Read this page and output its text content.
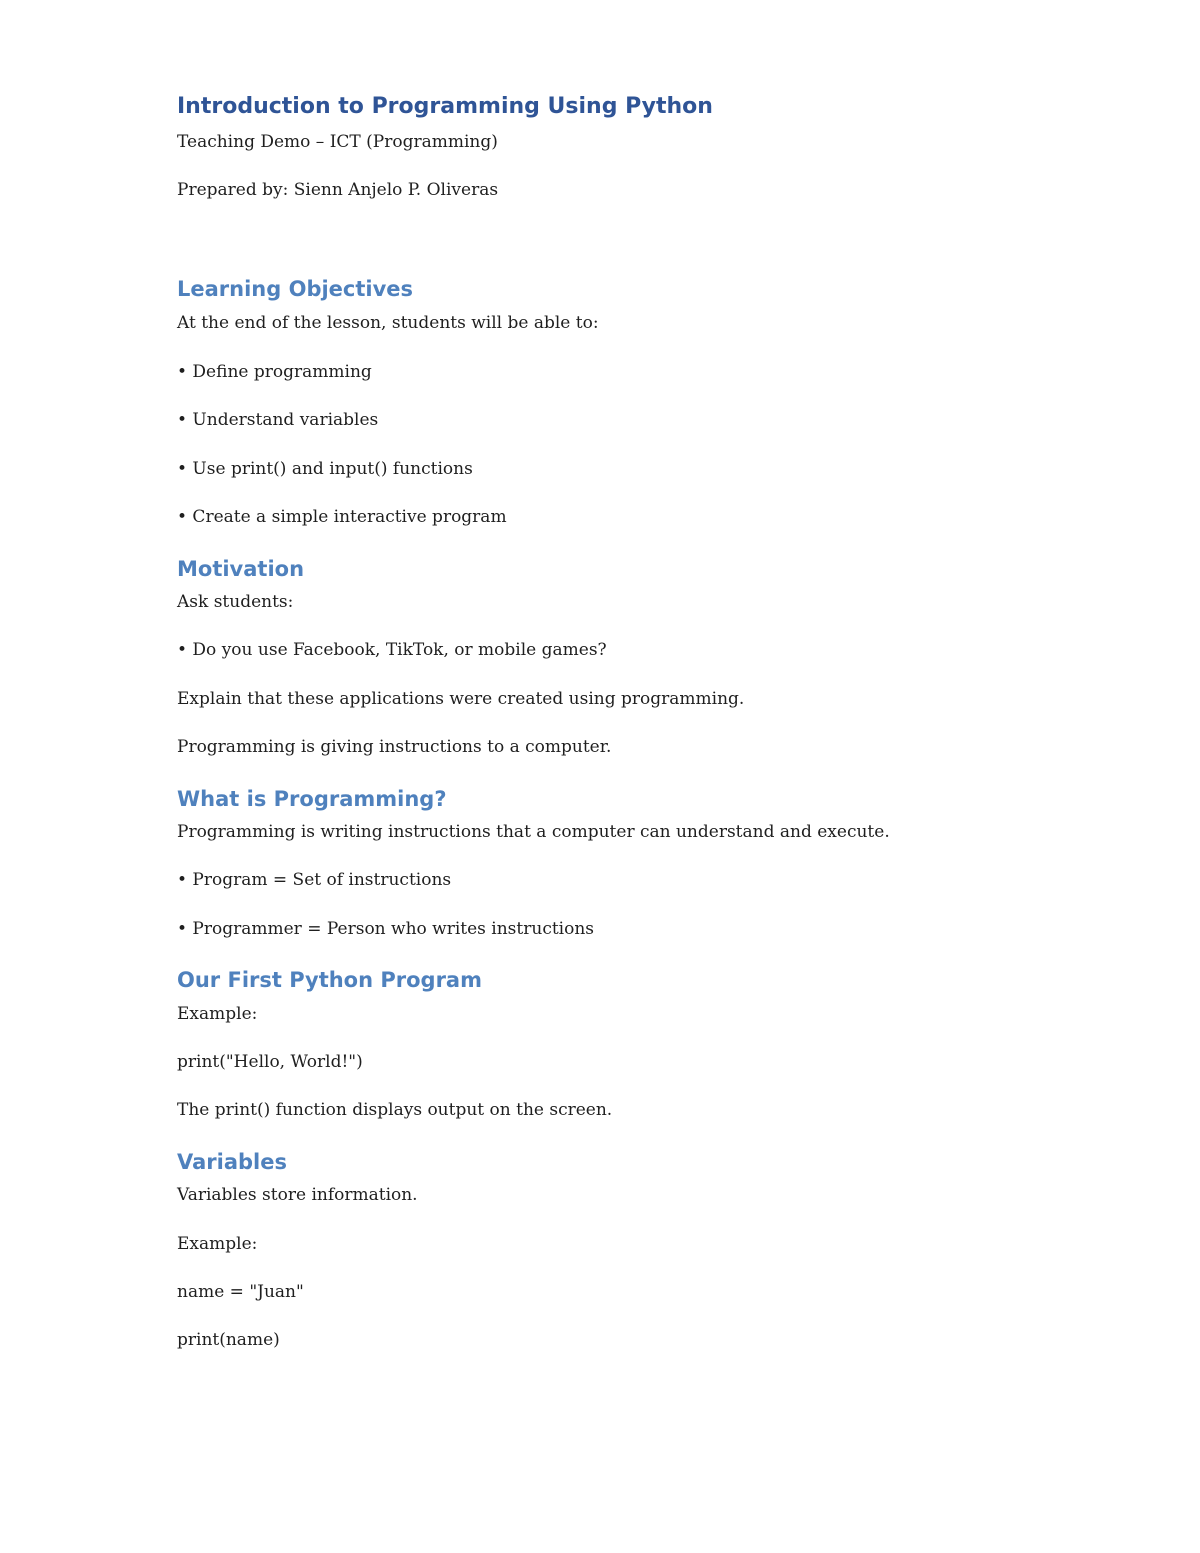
Introduction to Programming Using Python
Teaching Demo – ICT (Programming)
Prepared by: Sienn Anjelo P. Oliveras
Learning Objectives
At the end of the lesson, students will be able to:
• Define programming
• Understand variables
• Use print() and input() functions
• Create a simple interactive program
Motivation
Ask students:
• Do you use Facebook, TikTok, or mobile games?
Explain that these applications were created using programming.
Programming is giving instructions to a computer.
What is Programming?
Programming is writing instructions that a computer can understand and execute.
• Program = Set of instructions
• Programmer = Person who writes instructions
Our First Python Program
Example:
print("Hello, World!")
The print() function displays output on the screen.
Variables
Variables store information.
Example:
name = "Juan"
print(name)
